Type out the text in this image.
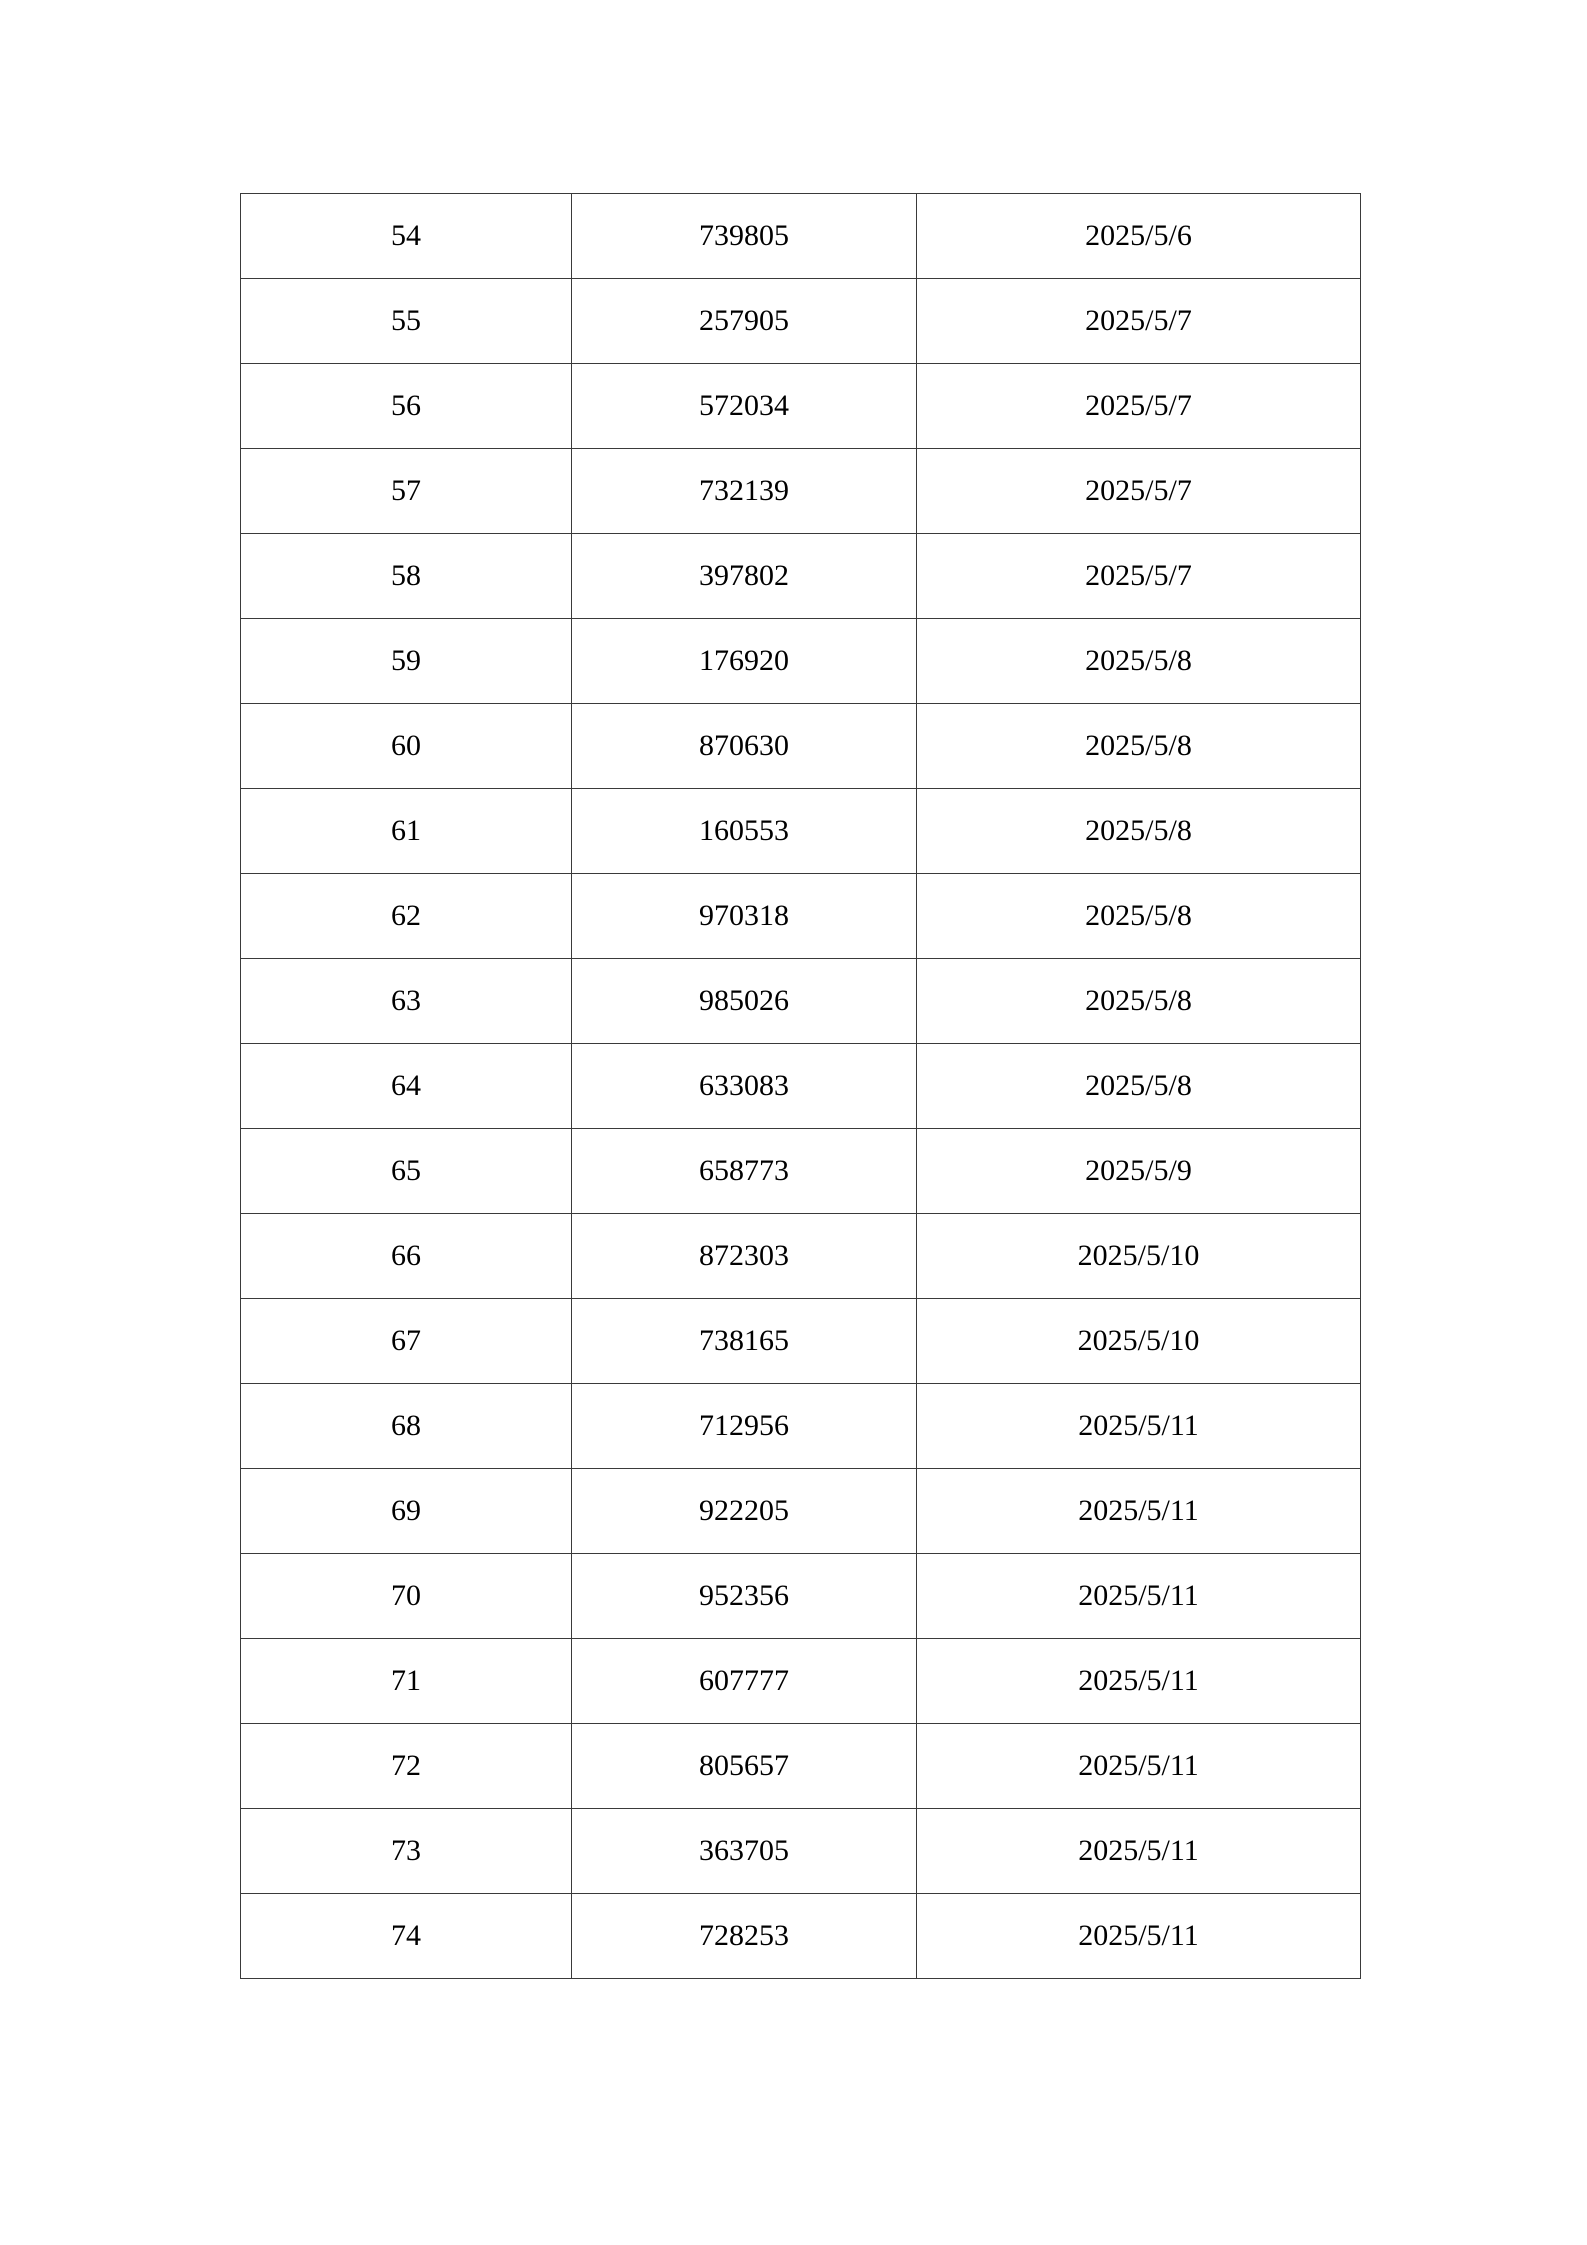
54	739805	2025/5/6
55	257905	2025/5/7
56	572034	2025/5/7
57	732139	2025/5/7
58	397802	2025/5/7
59	176920	2025/5/8
60	870630	2025/5/8
61	160553	2025/5/8
62	970318	2025/5/8
63	985026	2025/5/8
64	633083	2025/5/8
65	658773	2025/5/9
66	872303	2025/5/10
67	738165	2025/5/10
68	712956	2025/5/11
69	922205	2025/5/11
70	952356	2025/5/11
71	607777	2025/5/11
72	805657	2025/5/11
73	363705	2025/5/11
74	728253	2025/5/11
